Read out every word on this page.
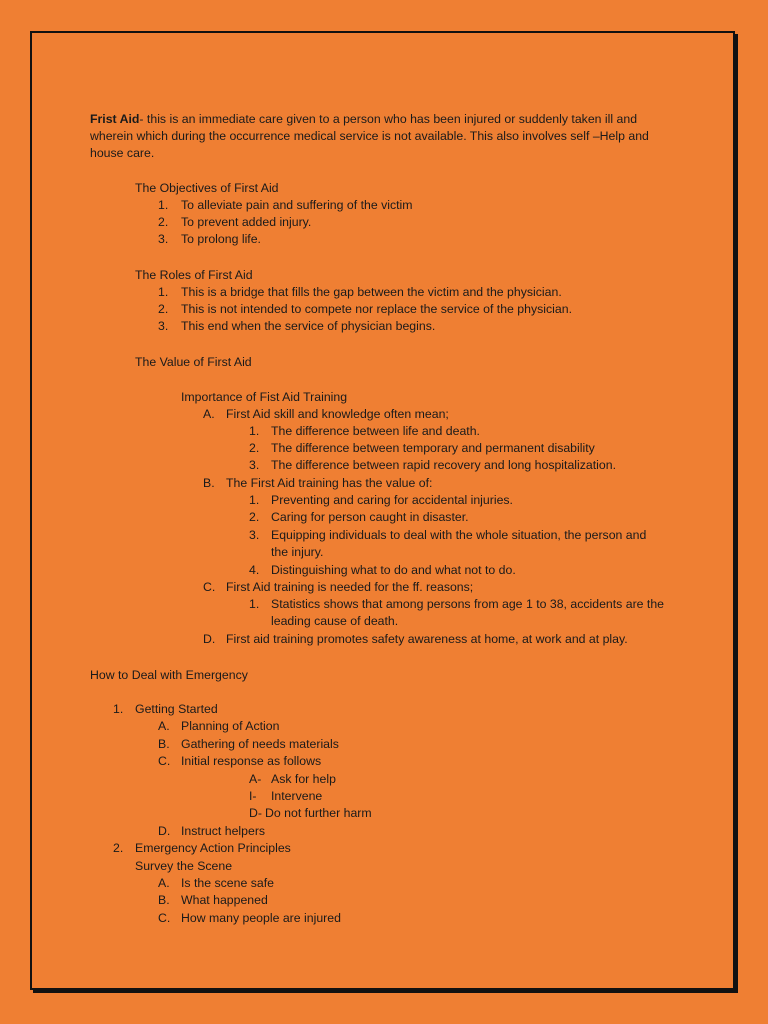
Frist Aid- this is an immediate care given to a person who has been injured or suddenly taken ill and
wherein which during the occurrence medical service is not available. This also involves self –Help and
house care.
The Objectives of First Aid
1. To alleviate pain and suffering of the victim
2. To prevent added injury.
3. To prolong life.
The Roles of First Aid
1. This is a bridge that fills the gap between the victim and the physician.
2. This is not intended to compete nor replace the service of the physician.
3. This end when the service of physician begins.
The Value of First Aid
Importance of Fist Aid Training
A. First Aid skill and knowledge often mean;
1. The difference between life and death.
2. The difference between temporary and permanent disability
3. The difference between rapid recovery and long hospitalization.
B. The First Aid training has the value of:
1. Preventing and caring for accidental injuries.
2. Caring for person caught in disaster.
3. Equipping individuals to deal with the whole situation, the person and
the injury.
4. Distinguishing what to do and what not to do.
C. First Aid training is needed for the ff. reasons;
1. Statistics shows that among persons from age 1 to 38, accidents are the
leading cause of death.
D. First aid training promotes safety awareness at home, at work and at play.
How to Deal with Emergency
1. Getting Started
A. Planning of Action
B. Gathering of needs materials
C. Initial response as follows
A- Ask for help
I- Intervene
D- Do not further harm
D. Instruct helpers
2. Emergency Action Principles
Survey the Scene
A. Is the scene safe
B. What happened
C. How many people are injured
